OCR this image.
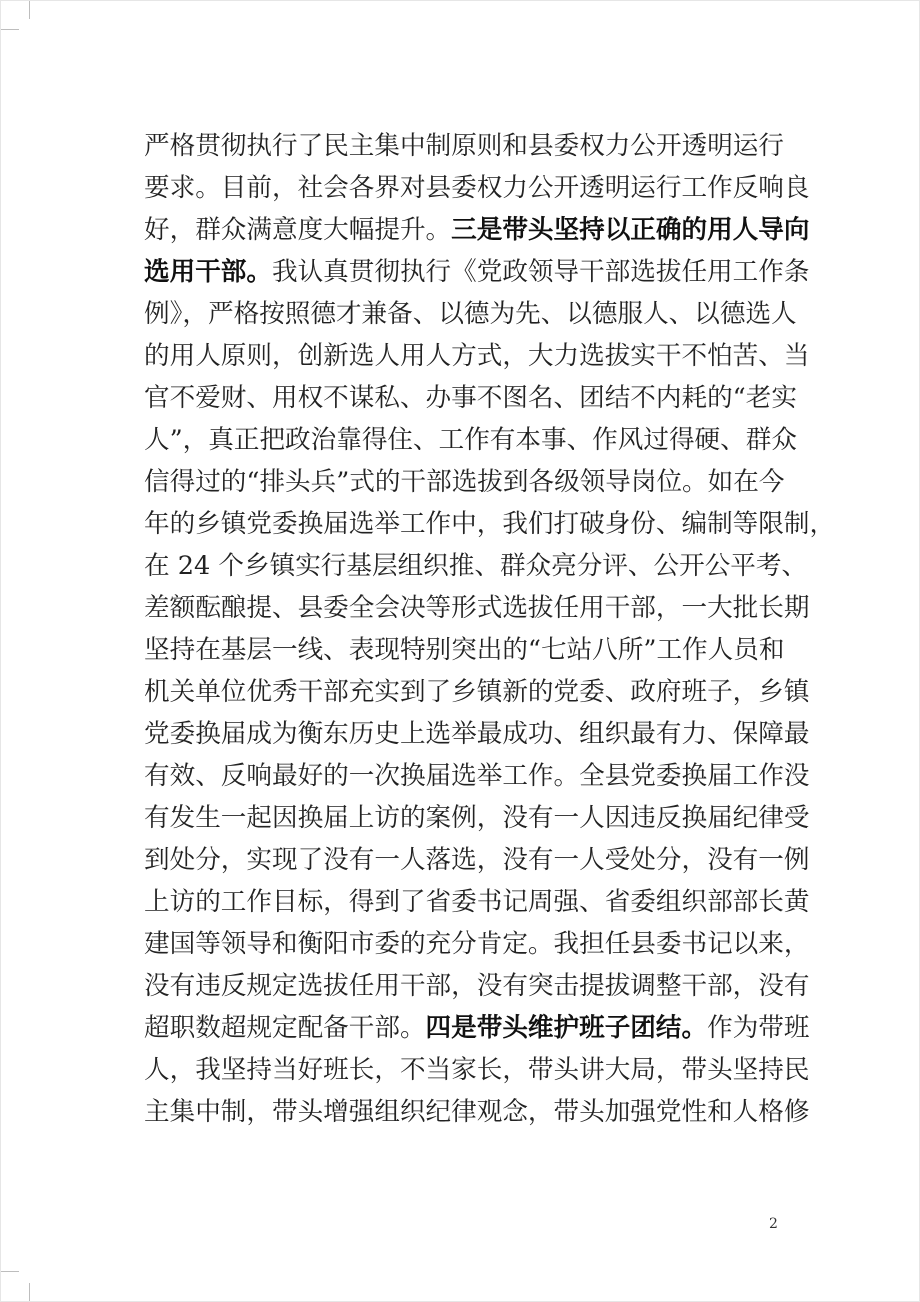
严格贯彻执行了民主集中制原则和县委权力公开透明运行
要求。目前，社会各界对县委权力公开透明运行工作反响良
好，群众满意度大幅提升。三是带头坚持以正确的用人导向
选用干部。我认真贯彻执行《党政领导干部选拔任用工作条
例》，严格按照德才兼备、以德为先、以德服人、以德选人
的用人原则，创新选人用人方式，大力选拔实干不怕苦、当
官不爱财、用权不谋私、办事不图名、团结不内耗的“老实
人”，真正把政治靠得住、工作有本事、作风过得硬、群众
信得过的“排头兵”式的干部选拔到各级领导岗位。如在今
年的乡镇党委换届选举工作中，我们打破身份、编制等限制，
在 24 个乡镇实行基层组织推、群众亮分评、公开公平考、
差额酝酿提、县委全会决等形式选拔任用干部，一大批长期
坚持在基层一线、表现特别突出的“七站八所”工作人员和
机关单位优秀干部充实到了乡镇新的党委、政府班子，乡镇
党委换届成为衡东历史上选举最成功、组织最有力、保障最
有效、反响最好的一次换届选举工作。全县党委换届工作没
有发生一起因换届上访的案例，没有一人因违反换届纪律受
到处分，实现了没有一人落选，没有一人受处分，没有一例
上访的工作目标，得到了省委书记周强、省委组织部部长黄
建国等领导和衡阳市委的充分肯定。我担任县委书记以来，
没有违反规定选拔任用干部，没有突击提拔调整干部，没有
超职数超规定配备干部。四是带头维护班子团结。作为带班
人，我坚持当好班长，不当家长，带头讲大局，带头坚持民
主集中制，带头增强组织纪律观念，带头加强党性和人格修
2
